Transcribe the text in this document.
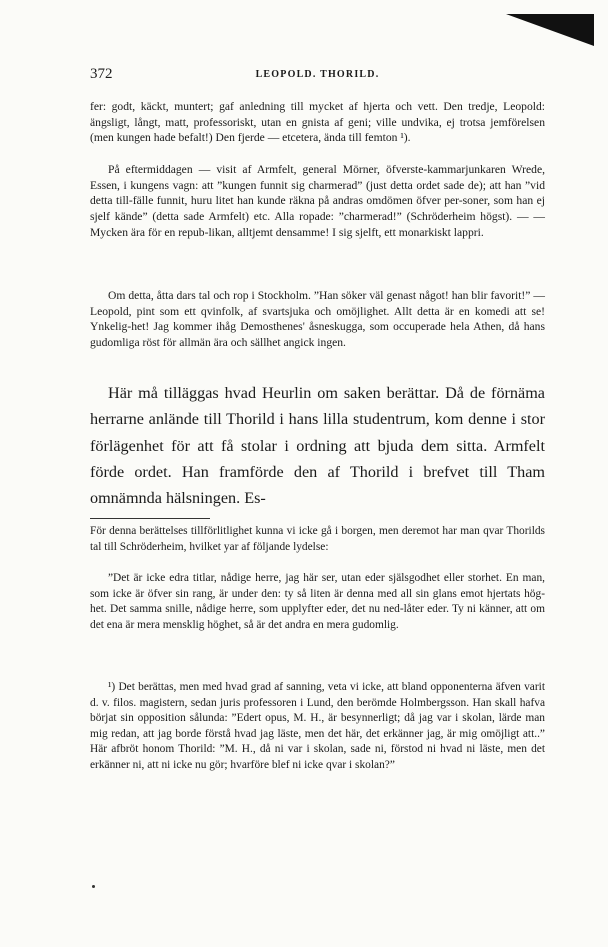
372	LEOPOLD. THORILD.

fer: godt, käckt, muntert; gaf anledning till mycket af hjerta och vett. Den tredje, Leopold: ängsligt, långt, matt, professoriskt, utan en gnista af geni; ville undvika, ej trotsa jemförelsen (men kungen hade befalt!) Den fjerde — etcetera, ända till femton ¹).

På eftermiddagen — visit af Armfelt, general Mörner, öfverste-kammarjunkaren Wrede, Essen, i kungens vagn: att ”kungen funnit sig charmerad” (just detta ordet sade de); att han ”vid detta till-fälle funnit, huru litet han kunde räkna på andras omdömen öfver per-soner, som han ej sjelf kände” (detta sade Armfelt) etc. Alla ropade: ”charmerad!” (Schröderheim högst). — — Mycken ära för en repub-likan, alltjemt densamme! I sig sjelft, ett monarkiskt lappri.

Om detta, åtta dars tal och rop i Stockholm. ”Han söker väl genast något! han blir favorit!” — Leopold, pint som ett qvinfolk, af svartsjuka och omöjlighet. Allt detta är en komedi att se! Ynkelig-het! Jag kommer ihåg Demosthenes' åsneskugga, som occuperade hela Athen, då hans gudomliga röst för allmän ära och sällhet angick ingen.

Här må tilläggas hvad Heurlin om saken berättar. Då de förnäma herrarne anlände till Thorild i hans lilla studentrum, kom denne i stor förlägenhet för att få stolar i ordning att bjuda dem sitta. Armfelt förde ordet. Han framförde den af Thorild i brefvet till Tham omnämnda hälsningen. Es-

För denna berättelses tillförlitlighet kunna vi icke gå i borgen, men deremot har man qvar Thorilds tal till Schröderheim, hvilket yar af följande lydelse:

”Det är icke edra titlar, nådige herre, jag här ser, utan eder själsgodhet eller storhet. En man, som icke är öfver sin rang, är under den: ty så liten är denna med all sin glans emot hjertats hög-het. Det samma snille, nådige herre, som upplyfter eder, det nu ned-låter eder. Ty ni känner, att om det ena är mera mensklig höghet, så är det andra en mera gudomlig.

¹) Det berättas, men med hvad grad af sanning, veta vi icke, att bland opponenterna äfven varit d. v. filos. magistern, sedan juris professoren i Lund, den berömde Holmbergsson. Han skall hafva börjat sin opposition sålunda: ”Edert opus, M. H., är besynnerligt; då jag var i skolan, lärde man mig redan, att jag borde förstå hvad jag läste, men det här, det erkänner jag, är mig omöjligt att..” Här afbröt honom Thorild: ”M. H., då ni var i skolan, sade ni, förstod ni hvad ni läste, men det erkänner ni, att ni icke nu gör; hvarföre blef ni icke qvar i skolan?”
